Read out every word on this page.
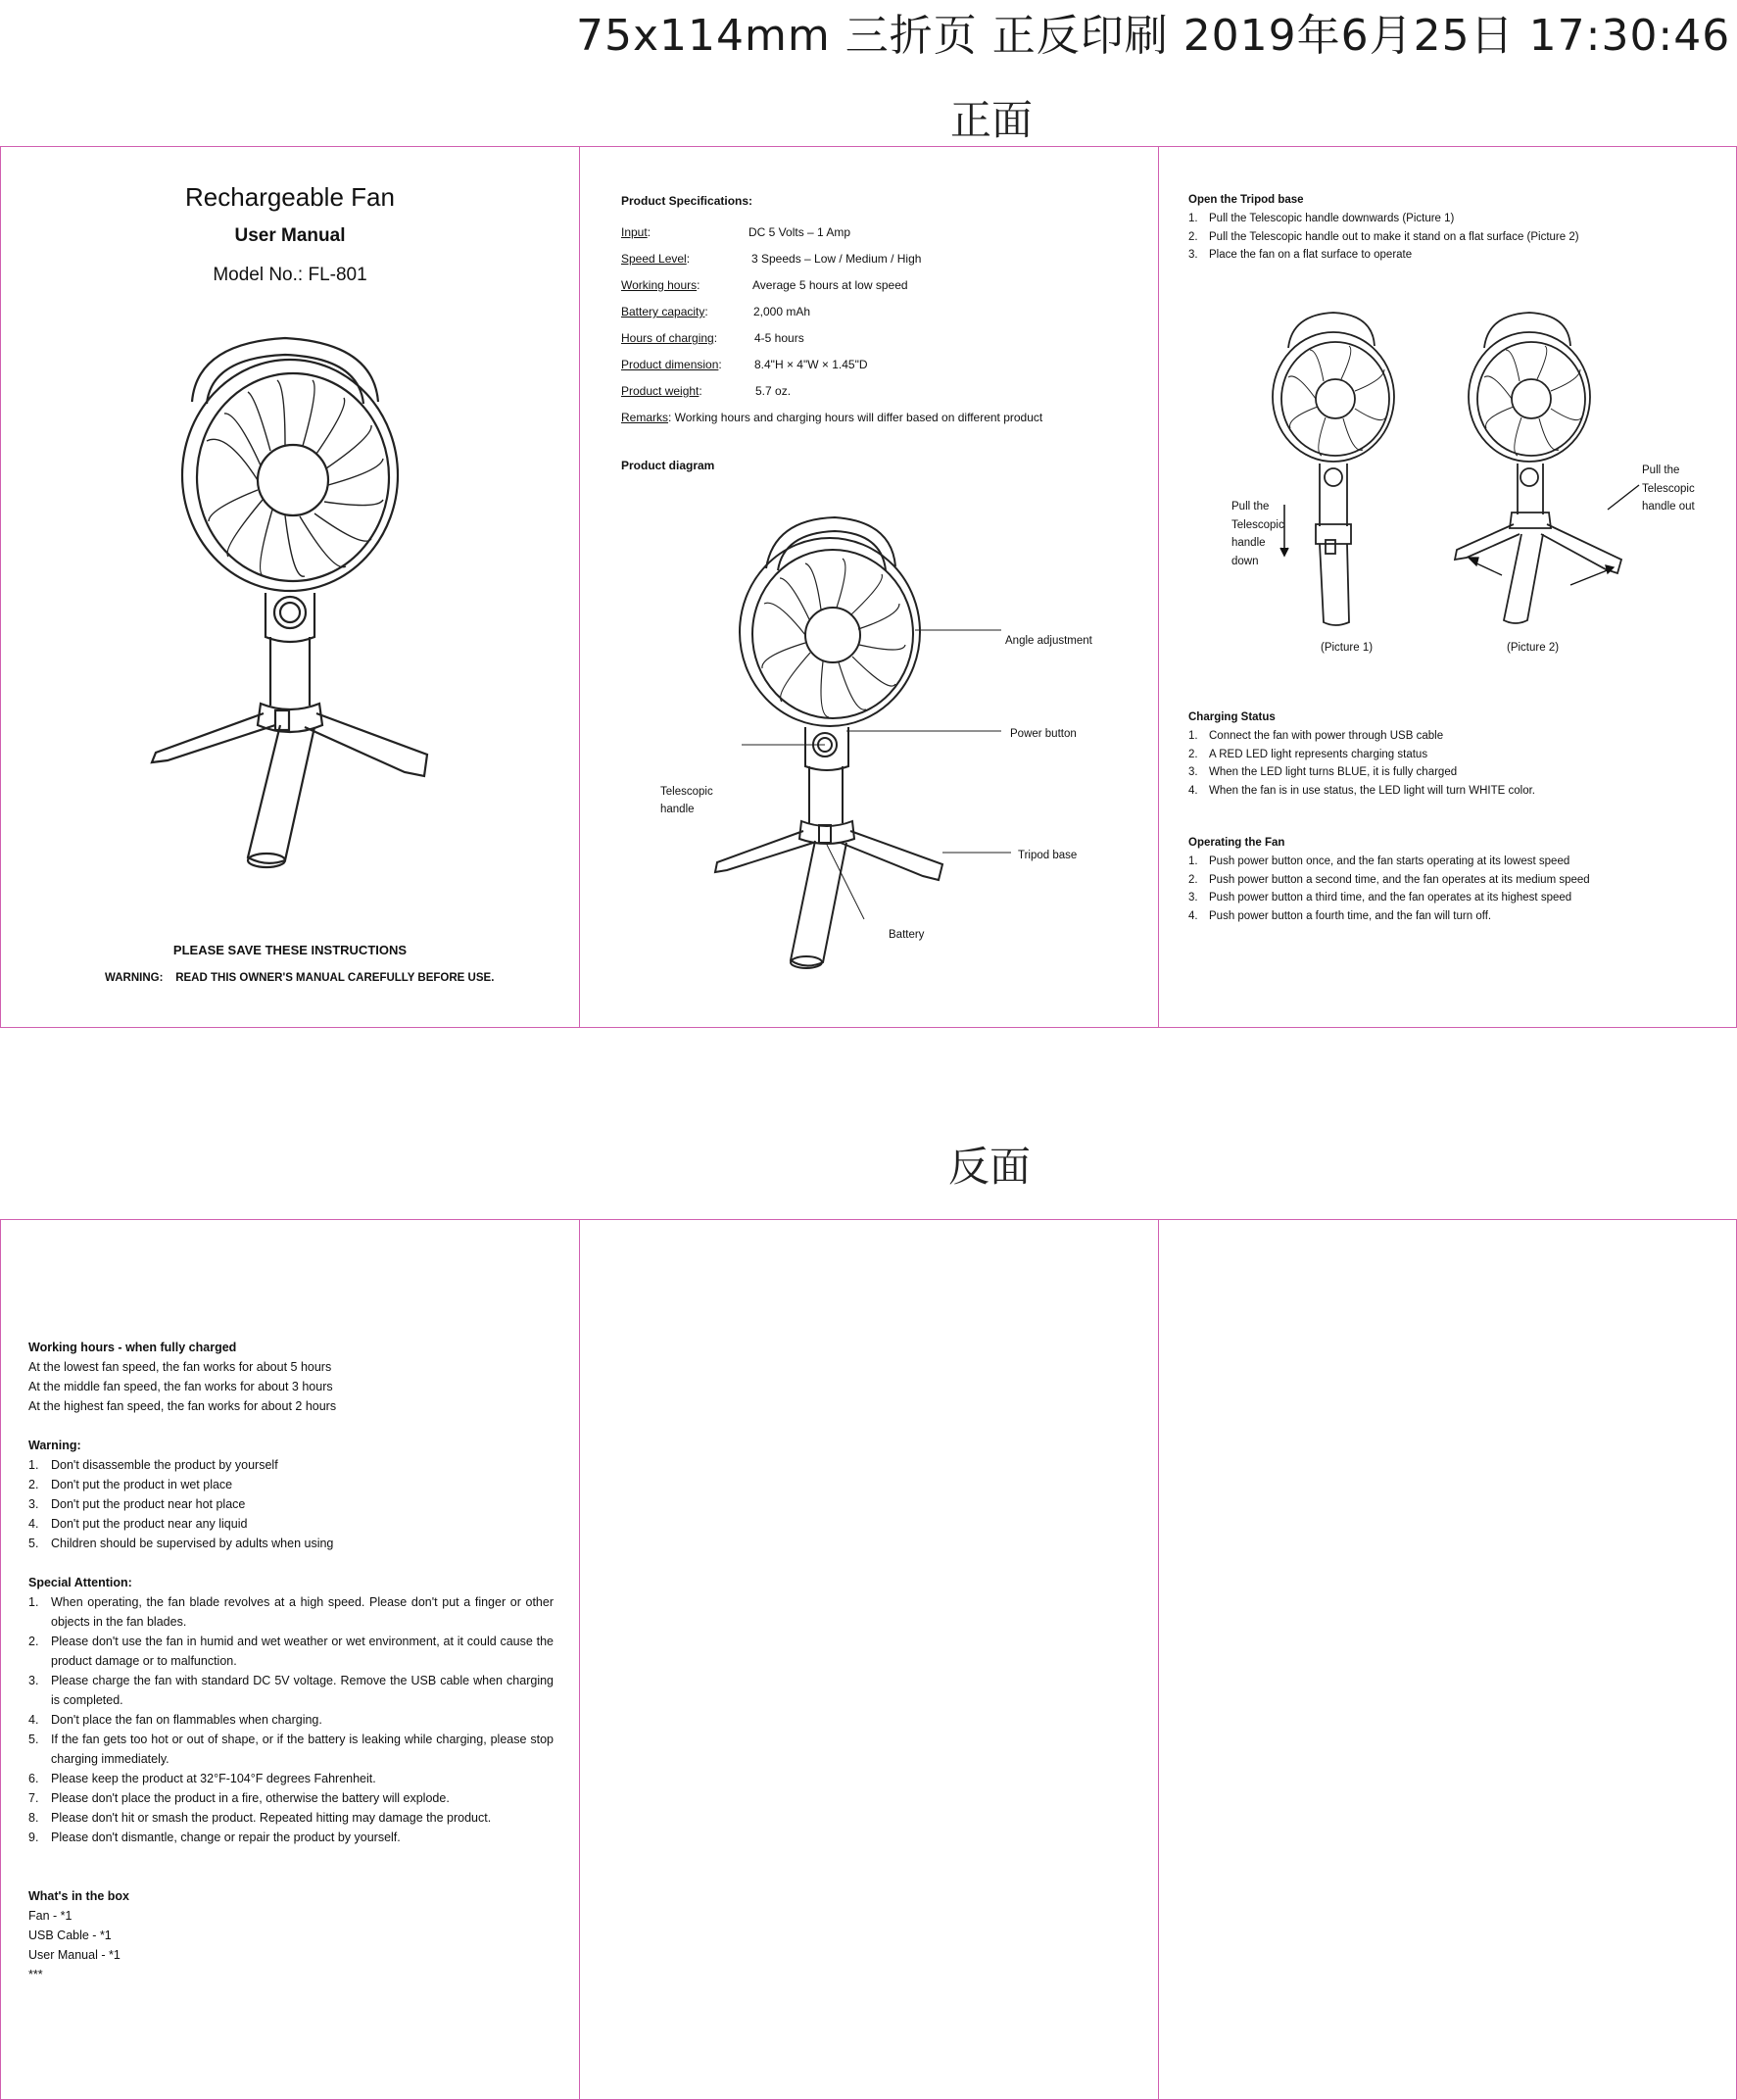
75x114mm 三折页 正反印刷 2019年6月25日 17:30:46
正面
反面
Rechargeable Fan
User Manual
Model No.: FL-801
PLEASE SAVE THESE INSTRUCTIONS
WARNING: READ THIS OWNER'S MANUAL CAREFULLY BEFORE USE.
Product Specifications:
Input:	DC 5 Volts – 1 Amp
Speed Level:	3 Speeds – Low / Medium / High
Working hours:	Average 5 hours at low speed
Battery capacity:	2,000 mAh
Hours of charging:	4-5 hours
Product dimension:	8.4"H × 4"W × 1.45"D
Product weight:	5.7 oz.
Remarks: Working hours and charging hours will differ based on different product
Product diagram
Angle adjustment
Power button
Telescopic
handle
Tripod base
Battery
Open the Tripod base
1. Pull the Telescopic handle downwards (Picture 1)
2. Pull the Telescopic handle out to make it stand on a flat surface (Picture 2)
3. Place the fan on a flat surface to operate
Pull the
Telescopic
handle
down
Pull the
Telescopic
handle out
(Picture 1)	(Picture 2)
Charging Status
1. Connect the fan with power through USB cable
2. A RED LED light represents charging status
3. When the LED light turns BLUE, it is fully charged
4. When the fan is in use status, the LED light will turn WHITE color.
Operating the Fan
1. Push power button once, and the fan starts operating at its lowest speed
2. Push power button a second time, and the fan operates at its medium speed
3. Push power button a third time, and the fan operates at its highest speed
4. Push power button a fourth time, and the fan will turn off.
Working hours - when fully charged
At the lowest fan speed, the fan works for about 5 hours
At the middle fan speed, the fan works for about 3 hours
At the highest fan speed, the fan works for about 2 hours
Warning:
1.	Don't disassemble the product by yourself
2.	Don't put the product in wet place
3.	Don't put the product near hot place
4.	Don't put the product near any liquid
5.	Children should be supervised by adults when using
Special Attention:
1.	When operating, the fan blade revolves at a high speed. Please don't put a finger or other objects in the fan blades.
2.	Please don't use the fan in humid and wet weather or wet environment, at it could cause the product damage or to malfunction.
3.	Please charge the fan with standard DC 5V voltage. Remove the USB cable when charging is completed.
4.	Don't place the fan on flammables when charging.
5.	If the fan gets too hot or out of shape, or if the battery is leaking while charging, please stop charging immediately.
6.	Please keep the product at 32°F-104°F degrees Fahrenheit.
7.	Please don't place the product in a fire, otherwise the battery will explode.
8.	Please don't hit or smash the product. Repeated hitting may damage the product.
9.	Please don't dismantle, change or repair the product by yourself.
What's in the box
Fan - *1
USB Cable - *1
User Manual - *1
***
